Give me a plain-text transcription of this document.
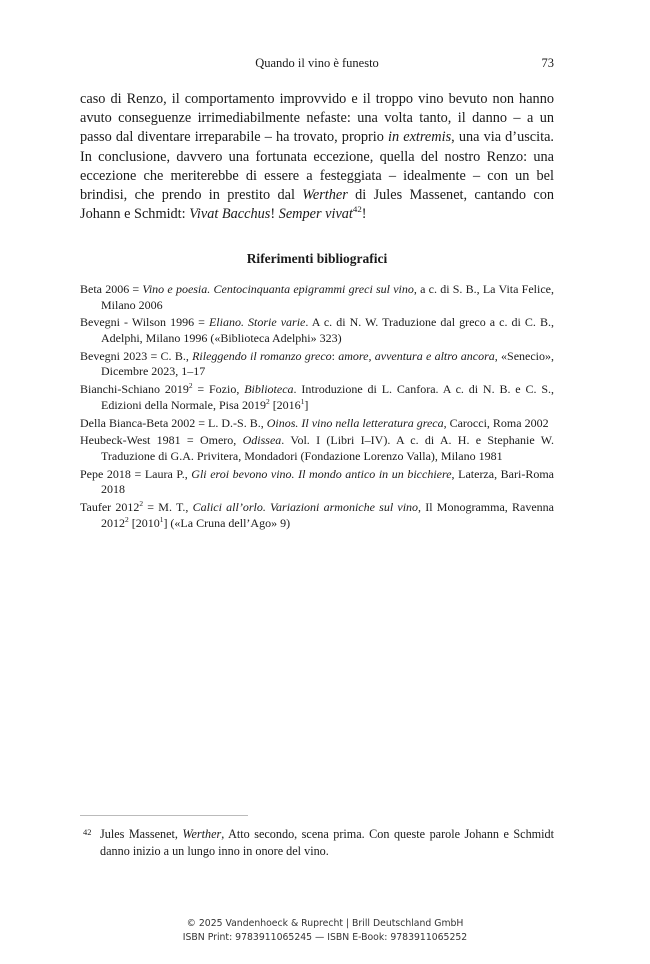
Quando il vino è funesto	73

caso di Renzo, il comportamento improvvido e il troppo vino bevuto non hanno avuto conseguenze irrimediabilmente nefaste: una volta tanto, il danno – a un passo dal diventare irreparabile – ha trovato, proprio in extremis, una via d’uscita. In conclusione, davvero una fortunata eccezione, quella del nostro Renzo: una eccezione che meriterebbe di essere a festeggiata – idealmente – con un bel brindisi, che prendo in prestito dal Werther di Jules Massenet, cantando con Johann e Schmidt: Vivat Bacchus! Semper vivat$^{42}$!

Riferimenti bibliografici

Beta 2006 = Vino e poesia. Centocinquanta epigrammi greci sul vino, a c. di S. B., La Vita Felice, Milano 2006

Bevegni - Wilson 1996 = Eliano. Storie varie. A c. di N. W. Traduzione dal greco a c. di C. B., Adelphi, Milano 1996 («Biblioteca Adelphi» 323)

Bevegni 2023 = C. B., Rileggendo il romanzo greco: amore, avventura e altro ancora, «Senecio», Dicembre 2023, 1–17

Bianchi-Schiano $2019^2$ = Fozio, Biblioteca. Introduzione di L. Canfora. A c. di N. B. e C. S., Edizioni della Normale, Pisa 2019$^2$ [2016$^1$]

Della Bianca-Beta 2002 = L. D.-S. B., Oinos. Il vino nella letteratura greca, Carocci, Roma 2002

Heubeck-West 1981 = Omero, Odissea. Vol. I (Libri I–IV). A c. di A. H. e Stephanie W. Traduzione di G.A. Privitera, Mondadori (Fondazione Lorenzo Valla), Milano 1981

Pepe 2018 = Laura P., Gli eroi bevono vino. Il mondo antico in un bicchiere, Laterza, Bari-Roma 2018

Taufer $2012^2 = M$. T., Calici all’orlo. Variazioni armoniche sul vino, Il Monogramma, Ravenna 2012$^2$ [2010$^1$] («La Cruna dell’Ago» 9)

42 Jules Massenet, Werther, Atto secondo, scena prima. Con queste parole Johann e Schmidt danno inizio a un lungo inno in onore del vino.
© 2025 Vandenhoeck & Ruprecht | Brill Deutschland GmbH
ISBN Print: 9783911065245 — ISBN E-Book: 9783911065252
